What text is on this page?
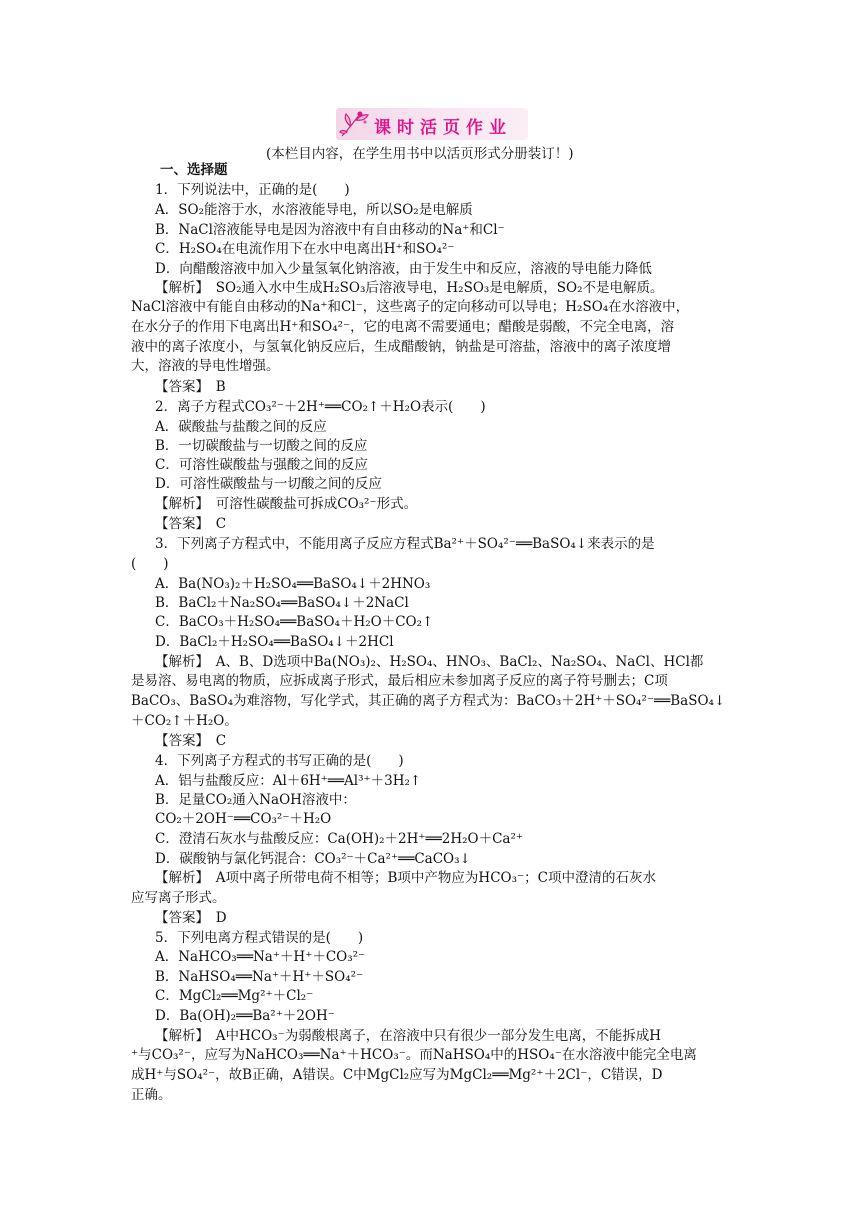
课时活页作业
(本栏目内容，在学生用书中以活页形式分册装订！)
一、选择题
1．下列说法中，正确的是(　　)
A．SO₂能溶于水，水溶液能导电，所以SO₂是电解质
B．NaCl溶液能导电是因为溶液中有自由移动的Na⁺和Cl⁻
C．H₂SO₄在电流作用下在水中电离出H⁺和SO₄²⁻
D．向醋酸溶液中加入少量氢氧化钠溶液，由于发生中和反应，溶液的导电能力降低
【解析】　SO₂通入水中生成H₂SO₃后溶液导电，H₂SO₃是电解质，SO₂不是电解质。
NaCl溶液中有能自由移动的Na⁺和Cl⁻，这些离子的定向移动可以导电；H₂SO₄在水溶液中，
在水分子的作用下电离出H⁺和SO₄²⁻，它的电离不需要通电；醋酸是弱酸，不完全电离，溶
液中的离子浓度小，与氢氧化钠反应后，生成醋酸钠，钠盐是可溶盐，溶液中的离子浓度增
大，溶液的导电性增强。
【答案】　B
2．离子方程式CO₃²⁻＋2H⁺══CO₂↑＋H₂O表示(　　)
A．碳酸盐与盐酸之间的反应
B．一切碳酸盐与一切酸之间的反应
C．可溶性碳酸盐与强酸之间的反应
D．可溶性碳酸盐与一切酸之间的反应
【解析】　可溶性碳酸盐可拆成CO₃²⁻形式。
【答案】　C
3．下列离子方程式中，不能用离子反应方程式Ba²⁺＋SO₄²⁻══BaSO₄↓来表示的是
(　　)
A．Ba(NO₃)₂＋H₂SO₄══BaSO₄↓＋2HNO₃
B．BaCl₂＋Na₂SO₄══BaSO₄↓＋2NaCl
C．BaCO₃＋H₂SO₄══BaSO₄＋H₂O＋CO₂↑
D．BaCl₂＋H₂SO₄══BaSO₄↓＋2HCl
【解析】　A、B、D选项中Ba(NO₃)₂、H₂SO₄、HNO₃、BaCl₂、Na₂SO₄、NaCl、HCl都
是易溶、易电离的物质，应拆成离子形式，最后相应未参加离子反应的离子符号删去；C项
BaCO₃、BaSO₄为难溶物，写化学式，其正确的离子方程式为：BaCO₃＋2H⁺＋SO₄²⁻══BaSO₄↓
＋CO₂↑＋H₂O。
【答案】　C
4．下列离子方程式的书写正确的是(　　)
A．铝与盐酸反应：Al＋6H⁺══Al³⁺＋3H₂↑
B．足量CO₂通入NaOH溶液中：
CO₂＋2OH⁻══CO₃²⁻＋H₂O
C．澄清石灰水与盐酸反应：Ca(OH)₂＋2H⁺══2H₂O＋Ca²⁺
D．碳酸钠与氯化钙混合：CO₃²⁻＋Ca²⁺══CaCO₃↓
【解析】　A项中离子所带电荷不相等；B项中产物应为HCO₃⁻；C项中澄清的石灰水
应写离子形式。
【答案】　D
5．下列电离方程式错误的是(　　)
A．NaHCO₃══Na⁺＋H⁺＋CO₃²⁻
B．NaHSO₄══Na⁺＋H⁺＋SO₄²⁻
C．MgCl₂══Mg²⁺＋Cl₂⁻
D．Ba(OH)₂══Ba²⁺＋2OH⁻
【解析】　A中HCO₃⁻为弱酸根离子，在溶液中只有很少一部分发生电离，不能拆成H
⁺与CO₃²⁻，应写为NaHCO₃══Na⁺＋HCO₃⁻。而NaHSO₄中的HSO₄⁻在水溶液中能完全电离
成H⁺与SO₄²⁻，故B正确，A错误。C中MgCl₂应写为MgCl₂══Mg²⁺＋2Cl⁻，C错误，D
正确。
